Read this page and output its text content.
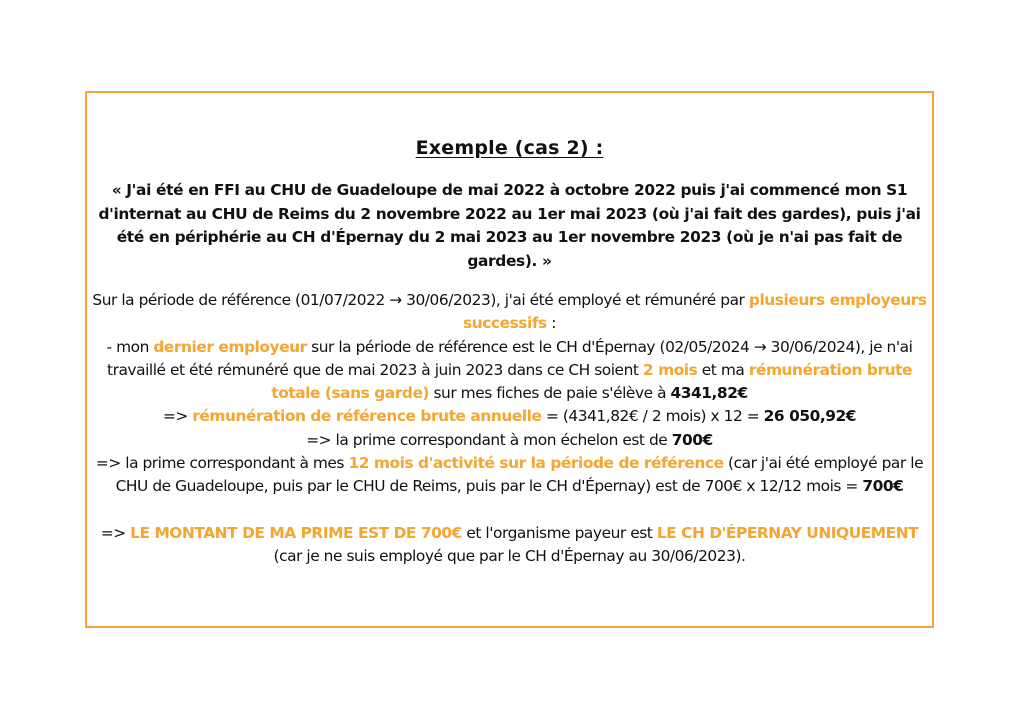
Exemple (cas 2) :

« J'ai été en FFI au CHU de Guadeloupe de mai 2022 à octobre 2022 puis j'ai commencé mon S1 d'internat au CHU de Reims du 2 novembre 2022 au 1er mai 2023 (où j'ai fait des gardes), puis j'ai été en périphérie au CH d'Épernay du 2 mai 2023 au 1er novembre 2023 (où je n'ai pas fait de gardes). »

Sur la période de référence (01/07/2022 → 30/06/2023), j'ai été employé et rémunéré par plusieurs employeurs successifs :

- mon dernier employeur sur la période de référence est le CH d'Épernay (02/05/2024 → 30/06/2024), je n'ai travaillé et été rémunéré que de mai 2023 à juin 2023 dans ce CH soient 2 mois et ma rémunération brute totale (sans garde) sur mes fiches de paie s'élève à 4341,82€

=> rémunération de référence brute annuelle = (4341,82€ / 2 mois) x 12 = 26 050,92€

=> la prime correspondant à mon échelon est de 700€

=> la prime correspondant à mes 12 mois d'activité sur la période de référence (car j'ai été employé par le CHU de Guadeloupe, puis par le CHU de Reims, puis par le CH d'Épernay) est de 700€ x 12/12 mois = 700€

=> LE MONTANT DE MA PRIME EST DE 700€ et l'organisme payeur est LE CH D'ÉPERNAY UNIQUEMENT (car je ne suis employé que par le CH d'Épernay au 30/06/2023).
